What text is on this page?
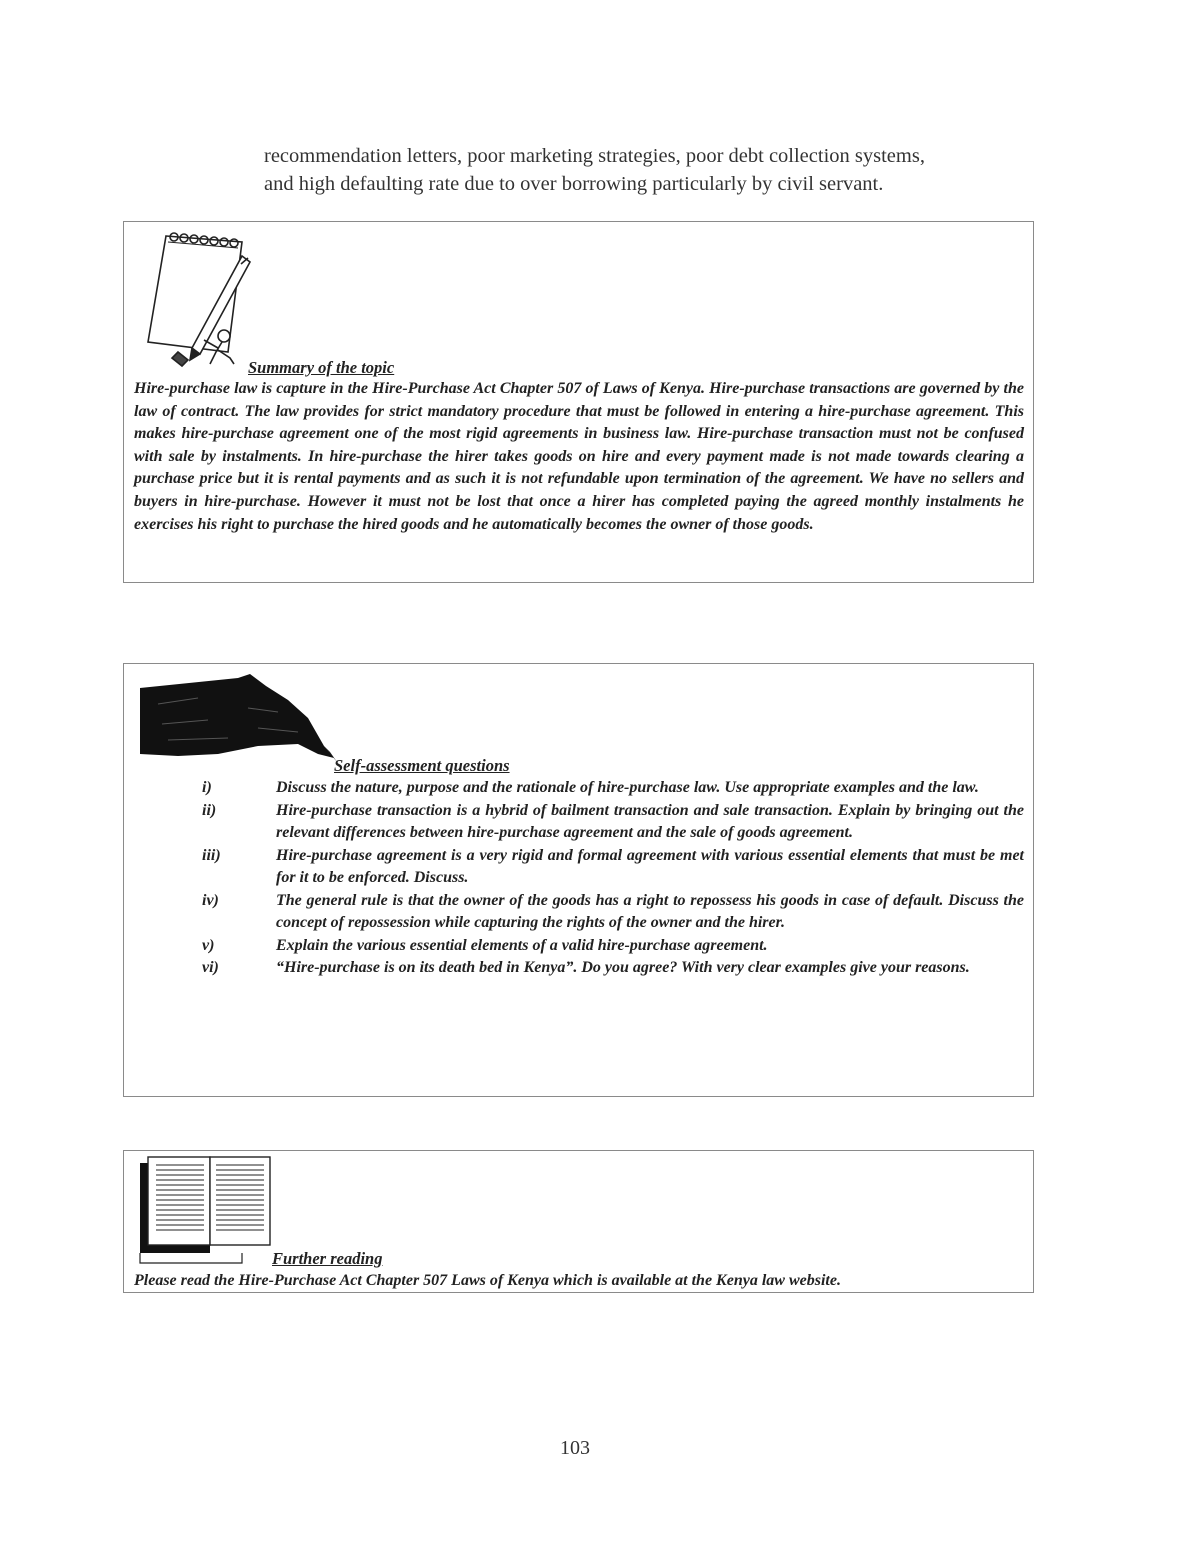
recommendation letters, poor marketing strategies, poor debt collection systems,
and high defaulting rate due to over borrowing particularly by civil servant.
Summary of the topic
Hire-purchase law is capture in the Hire-Purchase Act Chapter 507 of Laws of Kenya. Hire-purchase transactions are governed by the law of contract. The law provides for strict mandatory procedure that must be followed in entering a hire-purchase agreement. This makes hire-purchase agreement one of the most rigid agreements in business law. Hire-purchase transaction must not be confused with sale by instalments. In hire-purchase the hirer takes goods on hire and every payment made is not made towards clearing a purchase price but it is rental payments and as such it is not refundable upon termination of the agreement. We have no sellers and buyers in hire-purchase. However it must not be lost that once a hirer has completed paying the agreed monthly instalments he exercises his right to purchase the hired goods and he automatically becomes the owner of those goods.
Self-assessment questions
i)	Discuss the nature, purpose and the rationale of hire-purchase law. Use appropriate examples and the law.
ii)	Hire-purchase transaction is a hybrid of bailment transaction and sale transaction. Explain by bringing out the relevant differences between hire-purchase agreement and the sale of goods agreement.
iii)	Hire-purchase agreement is a very rigid and formal agreement with various essential elements that must be met for it to be enforced. Discuss.
iv)	The general rule is that the owner of the goods has a right to repossess his goods in case of default. Discuss the concept of repossession while capturing the rights of the owner and the hirer.
v)	Explain the various essential elements of a valid hire-purchase agreement.
vi)	“Hire-purchase is on its death bed in Kenya”. Do you agree? With very clear examples give your reasons.
Further reading
Please read the Hire-Purchase Act Chapter 507 Laws of Kenya which is available at the Kenya law website.
103
